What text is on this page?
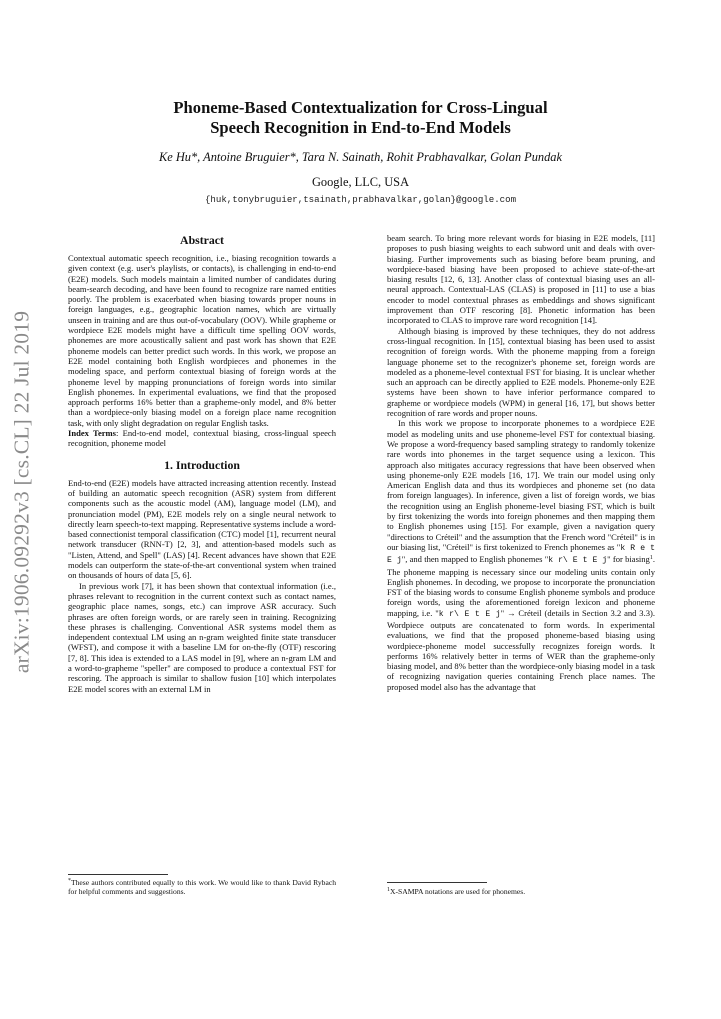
arXiv:1906.09292v3 [cs.CL] 22 Jul 2019
Phoneme-Based Contextualization for Cross-Lingual
Speech Recognition in End-to-End Models
Ke Hu*, Antoine Bruguier*, Tara N. Sainath, Rohit Prabhavalkar, Golan Pundak
Google, LLC, USA
{huk,tonybruguier,tsainath,prabhavalkar,golan}@google.com
Abstract

Contextual automatic speech recognition, i.e., biasing recognition towards a given context (e.g. user's playlists, or contacts), is challenging in end-to-end (E2E) models. Such models maintain a limited number of candidates during beam-search decoding, and have been found to recognize rare named entities poorly. The problem is exacerbated when biasing towards proper nouns in foreign languages, e.g., geographic location names, which are virtually unseen in training and are thus out-of-vocabulary (OOV). While grapheme or wordpiece E2E models might have a difficult time spelling OOV words, phonemes are more acoustically salient and past work has shown that E2E phoneme models can better predict such words. In this work, we propose an E2E model containing both English wordpieces and phonemes in the modeling space, and perform contextual biasing of foreign words at the phoneme level by mapping pronunciations of foreign words into similar English phonemes. In experimental evaluations, we find that the proposed approach performs 16% better than a grapheme-only model, and 8% better than a wordpiece-only biasing model on a foreign place name recognition task, with only slight degradation on regular English tasks.

Index Terms: End-to-end model, contextual biasing, cross-lingual speech recognition, phoneme model

1. Introduction

End-to-end (E2E) models have attracted increasing attention recently. Instead of building an automatic speech recognition (ASR) system from different components such as the acoustic model (AM), language model (LM), and pronunciation model (PM), E2E models rely on a single neural network to directly learn speech-to-text mapping. Representative systems include a word-based connectionist temporal classification (CTC) model [1], recurrent neural network transducer (RNN-T) [2, 3], and attention-based models such as "Listen, Attend, and Spell" (LAS) [4]. Recent advances have shown that E2E models can outperform the state-of-the-art conventional system when trained on thousands of hours of data [5, 6].

In previous work [7], it has been shown that contextual information (i.e., phrases relevant to recognition in the current context such as contact names, geographic place names, songs, etc.) can improve ASR accuracy. Such phrases are often foreign words, or are rarely seen in training. Recognizing these phrases is challenging. Conventional ASR systems model them as independent contextual LM using an n-gram weighted finite state transducer (WFST), and compose it with a baseline LM for on-the-fly (OTF) rescoring [7, 8]. This idea is extended to a LAS model in [9], where an n-gram LM and a word-to-grapheme "speller" are composed to produce a contextual FST for rescoring. The approach is similar to shallow fusion [10] which interpolates E2E model scores with an external LM in

beam search. To bring more relevant words for biasing in E2E models, [11] proposes to push biasing weights to each subword unit and deals with over-biasing. Further improvements such as biasing before beam pruning, and wordpiece-based biasing have been proposed to achieve state-of-the-art biasing results [12, 6, 13]. Another class of contextual biasing uses an all-neural approach. Contextual-LAS (CLAS) is proposed in [11] to use a bias encoder to model contextual phrases as embeddings and shows significant improvement than OTF rescoring [8]. Phonetic information has been incorporated to CLAS to improve rare word recognition [14].

Although biasing is improved by these techniques, they do not address cross-lingual recognition. In [15], contextual biasing has been used to assist recognition of foreign words. With the phoneme mapping from a foreign language phoneme set to the recognizer's phoneme set, foreign words are modeled as a phoneme-level contextual FST for biasing. It is unclear whether such an approach can be directly applied to E2E models. Phoneme-only E2E systems have been shown to have inferior performance compared to grapheme or wordpiece models (WPM) in general [16, 17], but shows better recognition of rare words and proper nouns.

In this work we propose to incorporate phonemes to a wordpiece E2E model as modeling units and use phoneme-level FST for contextual biasing. We propose a word-frequency based sampling strategy to randomly tokenize rare words into phonemes in the target sequence using a lexicon. This approach also mitigates accuracy regressions that have been observed when using phoneme-only E2E models [16, 17]. We train our model using only American English data and thus its wordpieces and phoneme set (no data from foreign languages). In inference, given a list of foreign words, we bias the recognition using an English phoneme-level biasing FST, which is built by first tokenizing the words into foreign phonemes and then mapping them to English phonemes using [15]. For example, given a navigation query "directions to Créteil" and the assumption that the French word "Créteil" is in our biasing list, "Créteil" is first tokenized to French phonemes as "k R e t E j", and then mapped to English phonemes "k r\ E t E j" for biasing$^1$. The phoneme mapping is necessary since our modeling units contain only English phonemes. In decoding, we propose to incorporate the pronunciation FST of the biasing words to consume English phoneme symbols and produce foreign words, using the aforementioned foreign lexicon and phoneme mapping, i.e. "k r\ E t E j" → Créteil (details in Section 3.2 and 3.3). Wordpiece outputs are concatenated to form words. In experimental evaluations, we find that the proposed phoneme-based biasing using wordpiece-phoneme model successfully recognizes foreign words. It performs 16% relatively better in terms of WER than the grapheme-only biasing model, and 8% better than the wordpiece-only biasing model in a task of recognizing navigation queries containing French place names. The proposed model also has the advantage that

*These authors contributed equally to this work. We would like to thank David Rybach for helpful comments and suggestions.	$^1$X-SAMPA notations are used for phonemes.
